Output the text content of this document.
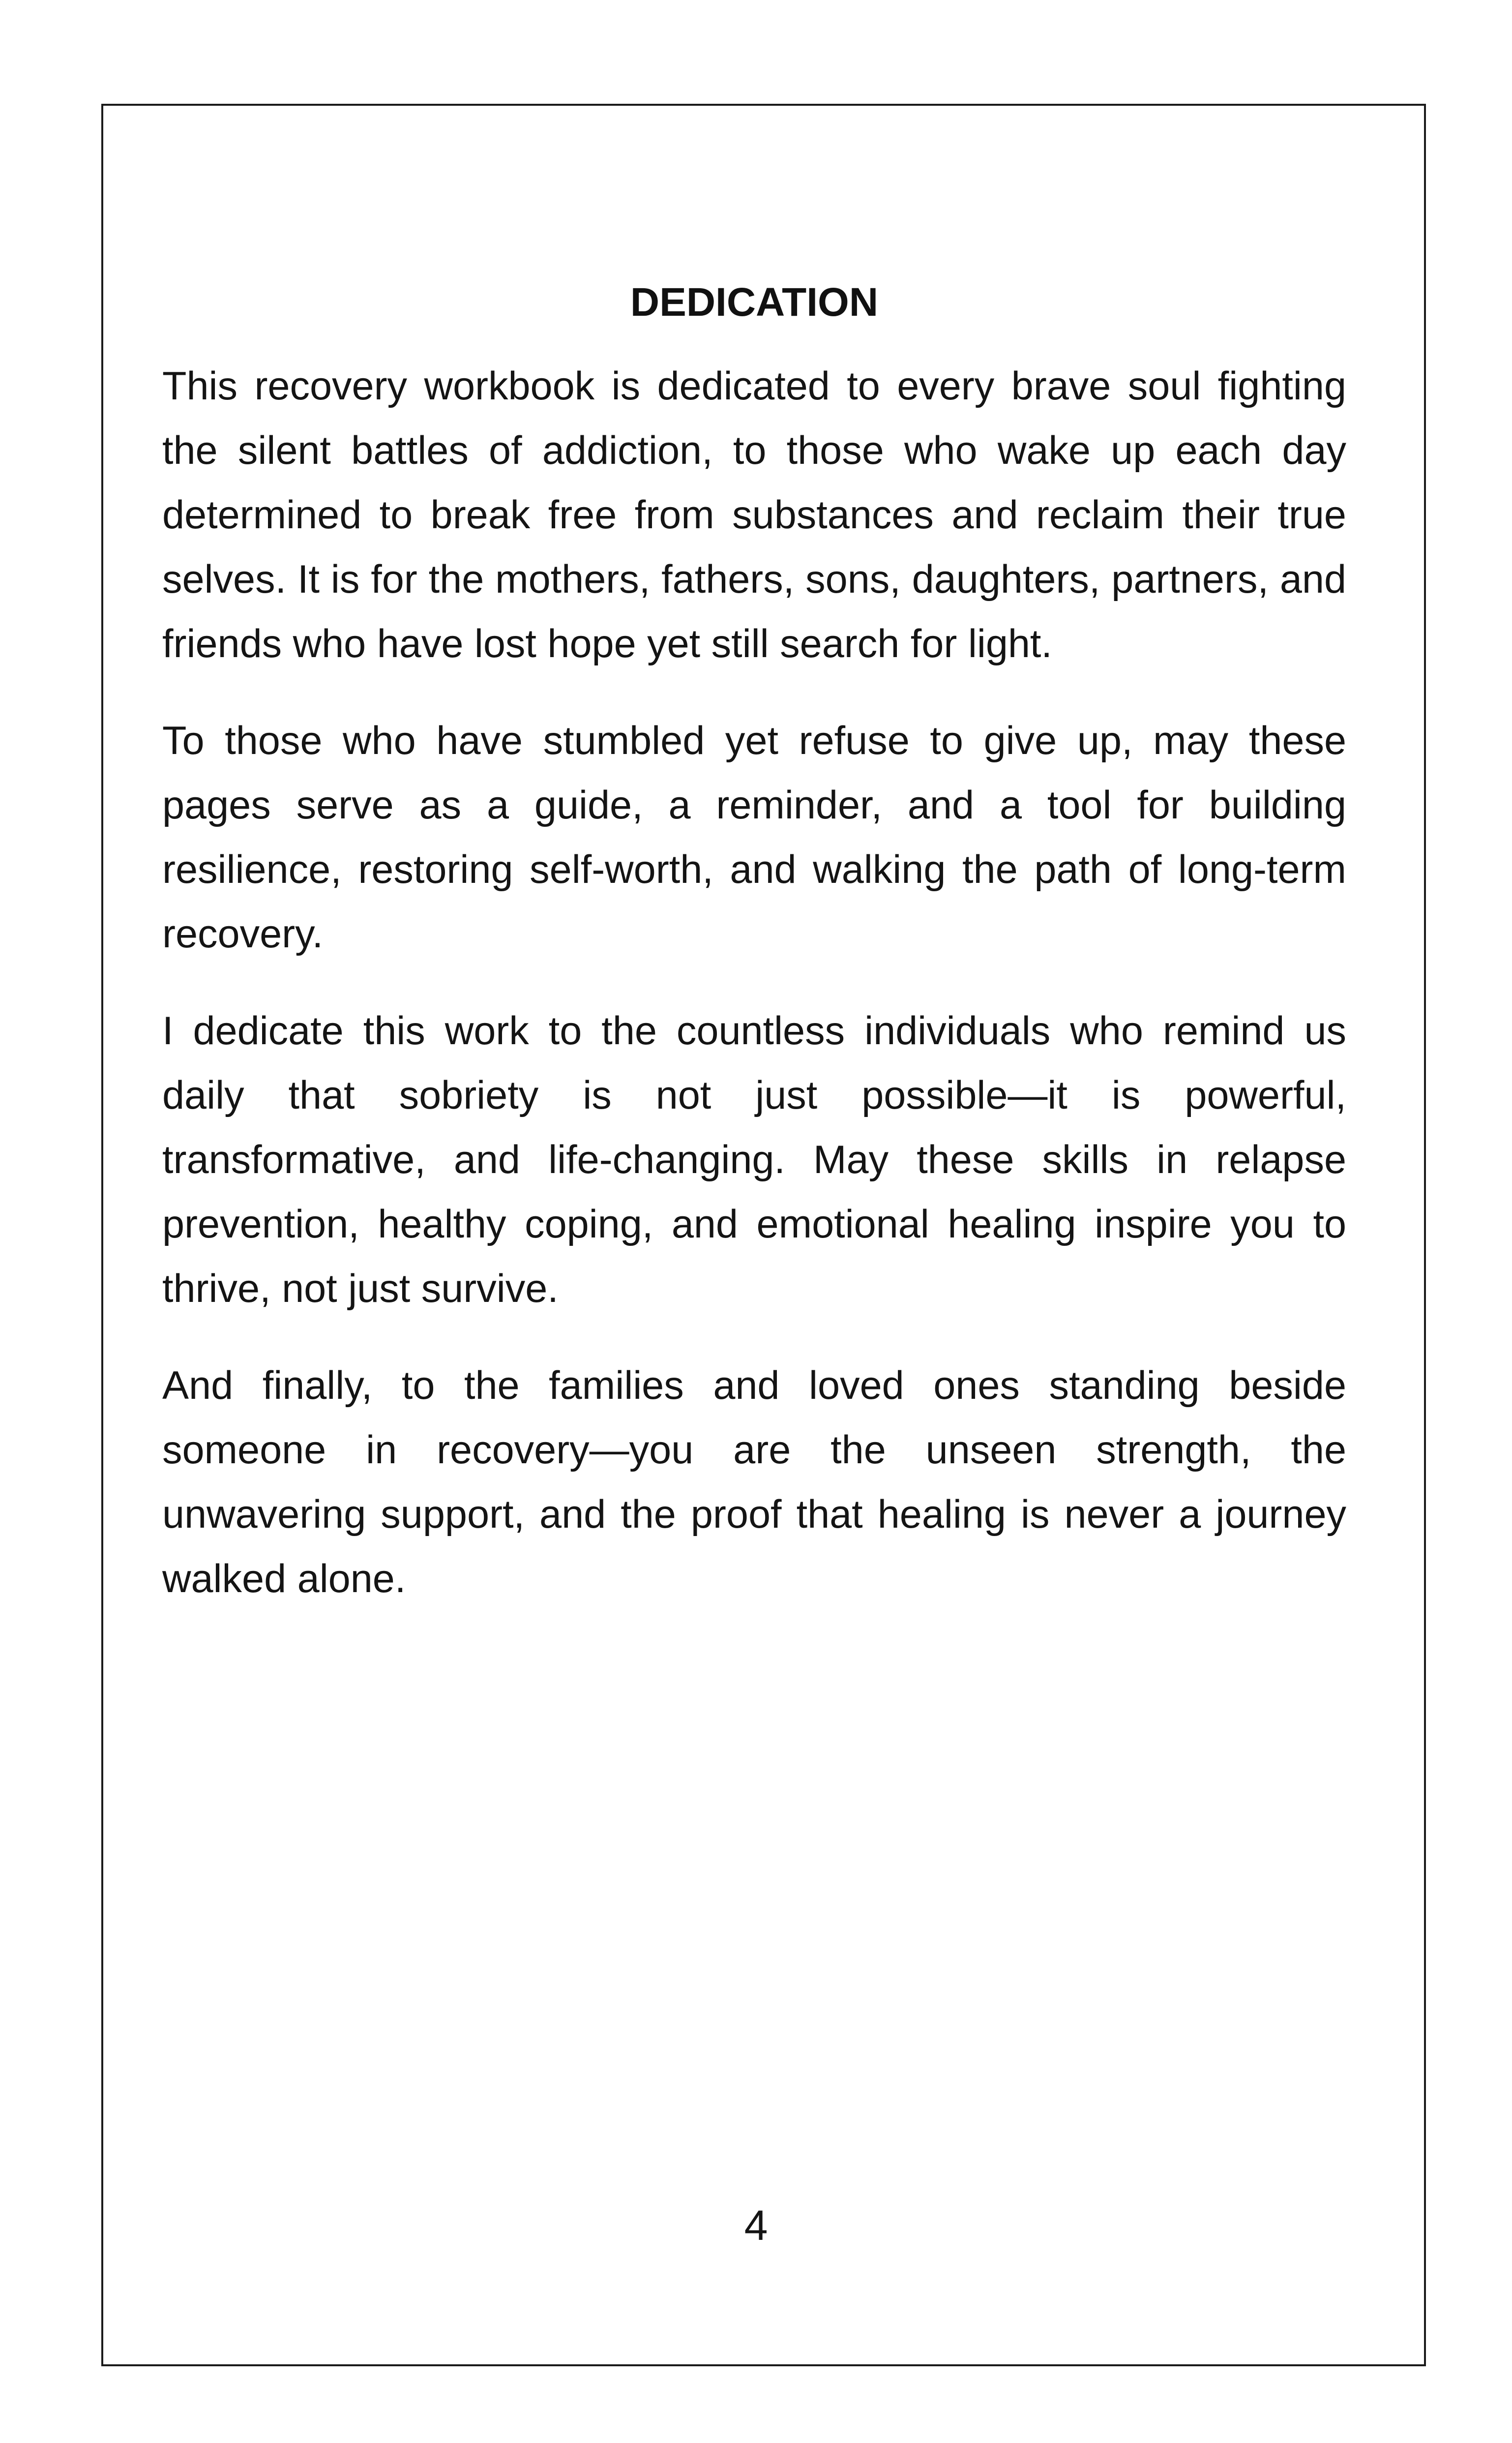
DEDICATION

This recovery workbook is dedicated to every brave soul fighting the silent battles of addiction, to those who wake up each day determined to break free from substances and reclaim their true selves. It is for the mothers, fathers, sons, daughters, partners, and friends who have lost hope yet still search for light.

To those who have stumbled yet refuse to give up, may these pages serve as a guide, a reminder, and a tool for building resilience, restoring self-worth, and walking the path of long-term recovery.

I dedicate this work to the countless individuals who remind us daily that sobriety is not just possible—it is powerful, transformative, and life-changing. May these skills in relapse prevention, healthy coping, and emotional healing inspire you to thrive, not just survive.

And finally, to the families and loved ones standing beside someone in recovery—you are the unseen strength, the unwavering support, and the proof that healing is never a journey walked alone.

4
